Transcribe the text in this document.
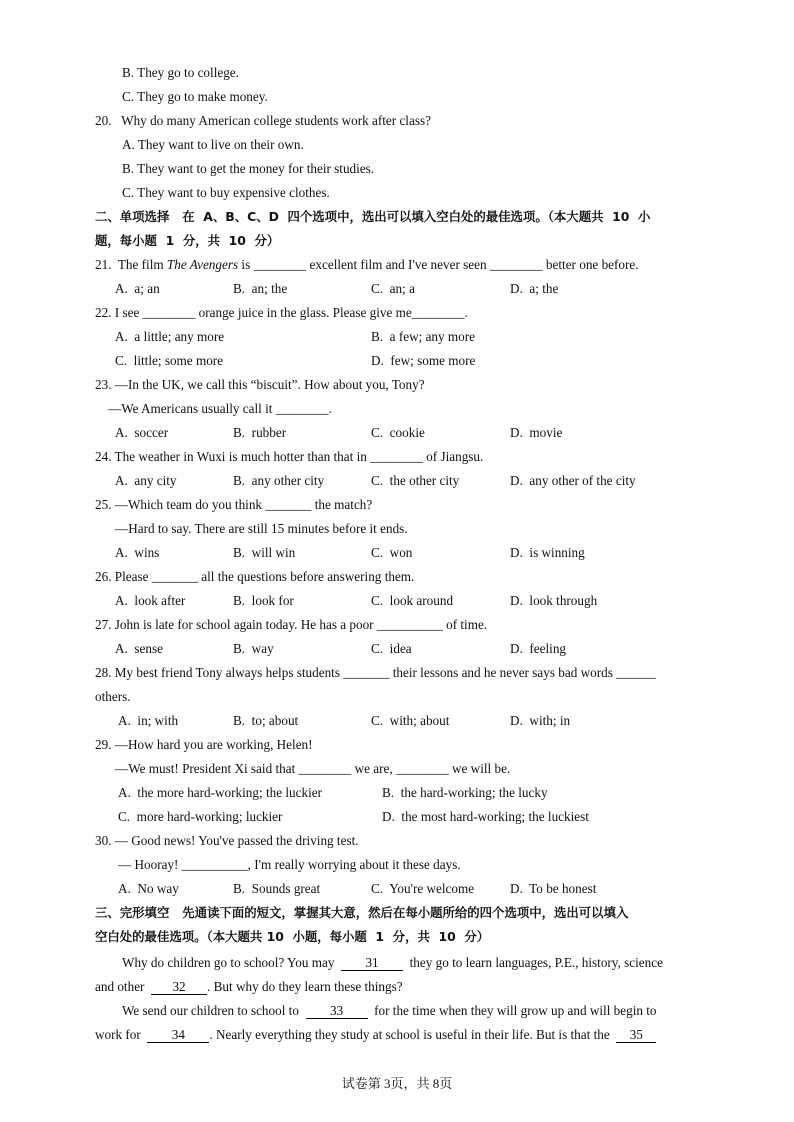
B. They go to college.
C. They go to make money.
20.   Why do many American college students work after class?
A. They want to live on their own.
B. They want to get the money for their studies.
C. They want to buy expensive clothes.
二、单项选择   在  A、B、C、D  四个选项中，选出可以填入空白处的最佳选项。（本大题共  10  小
题，每小题  1  分，共  10  分）
21.  The film The Avengers is ________ excellent film and I've never seen ________ better one before.
A.  a; an	B.  an; the	C.  an; a	D.  a; the
22. I see ________ orange juice in the glass. Please give me________.
A.  a little; any more	B.  a few; any more
C.  little; some more	D.  few; some more
23. —In the UK, we call this “biscuit”. How about you, Tony?
—We Americans usually call it ________.
A.  soccer	B.  rubber	C.  cookie	D.  movie
24. The weather in Wuxi is much hotter than that in ________ of Jiangsu.
A.  any city	B.  any other city	C.  the other city	D.  any other of the city
25. —Which team do you think _______ the match?
—Hard to say. There are still 15 minutes before it ends.
A.  wins	B.  will win	C.  won	D.  is winning
26. Please _______ all the questions before answering them.
A.  look after	B.  look for	C.  look around	D.  look through
27. John is late for school again today. He has a poor __________ of time.
A.  sense	B.  way	C.  idea	D.  feeling
28. My best friend Tony always helps students _______ their lessons and he never says bad words ______
others.
A.  in; with	B.  to; about	C.  with; about	D.  with; in
29. —How hard you are working, Helen!
—We must! President Xi said that ________ we are, ________ we will be.
A.  the more hard-working; the luckier	B.  the hard-working; the lucky
C.  more hard-working; luckier	D.  the most hard-working; the luckiest
30. — Good news! You've passed the driving test.
— Hooray! __________, I'm really worrying about it these days.
A.  No way	B.  Sounds great	C.  You're welcome	D.  To be honest
三、完形填空   先通读下面的短文，掌握其大意，然后在每小题所给的四个选项中，选出可以填入
空白处的最佳选项。（本大题共 10  小题，每小题  1  分，共  10  分）
Why do children go to school? You may 31 they go to learn languages, P.E., history, science
and other 32 . But why do they learn these things?
We send our children to school to 33 for the time when they will grow up and will begin to
work for 34 . Nearly everything they study at school is useful in their life. But is that the 35
试卷第 3页，共 8页
